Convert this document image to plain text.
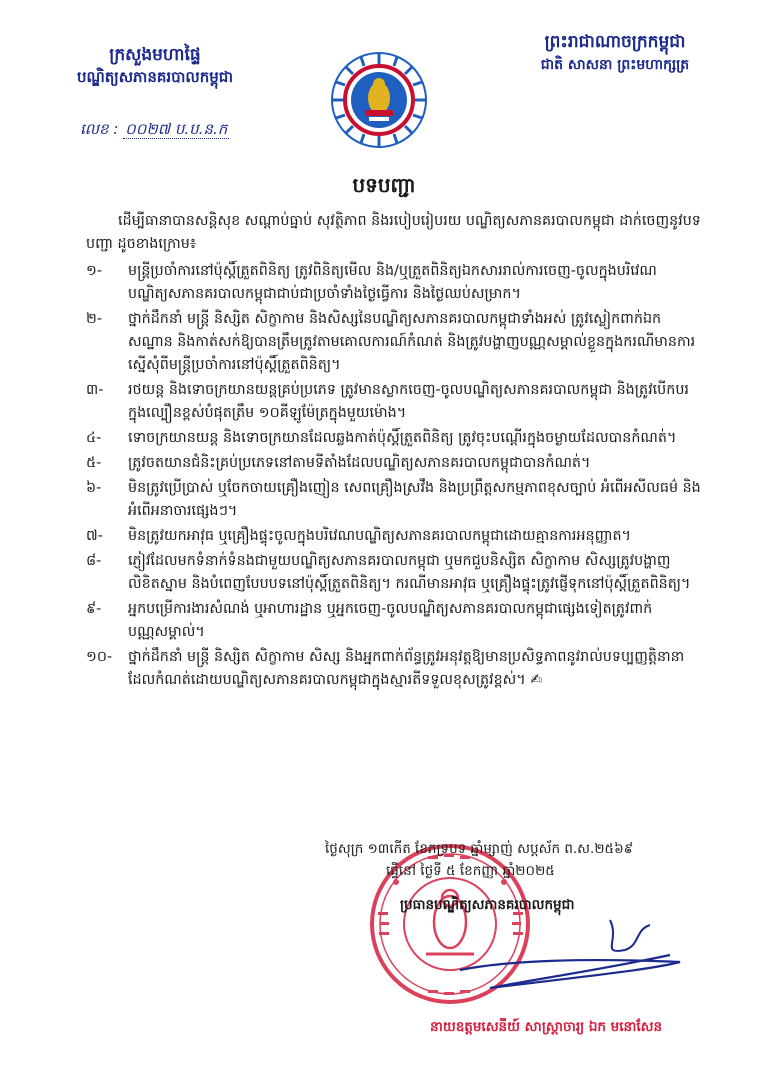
ក្រសួងមហាផ្ទៃ
បណ្ឌិត្យសភានគរបាលកម្ពុជា
លេខ : ០០២៧ ប.ប.ន.ក
ព្រះរាជាណាចក្រកម្ពុជា
ជាតិ សាសនា ព្រះមហាក្សត្រ
បទបញ្ជា

ដើម្បីធានាបានសន្តិសុខ សណ្តាប់ធ្នាប់ សុវត្ថិភាព និងរបៀបរៀបរយ បណ្ឌិត្យសភានគរបាលកម្ពុជា ដាក់ចេញនូវបទបញ្ជា ដូចខាងក្រោម៖

១- មន្ត្រីប្រចាំការនៅប៉ុស្តិ៍ត្រួតពិនិត្យ ត្រូវពិនិត្យមើល និង/ឬត្រួតពិនិត្យឯកសាររាល់ការចេញ-ចូលក្នុងបរិវេណបណ្ឌិត្យសភានគរបាលកម្ពុជាជាប់ជាប្រចាំទាំងថ្ងៃធ្វើការ និងថ្ងៃឈប់សម្រាក។
២- ថ្នាក់ដឹកនាំ មន្ត្រី និស្សិត សិក្ខាកាម និងសិស្សនៃបណ្ឌិត្យសភានគរបាលកម្ពុជាទាំងអស់ ត្រូវស្លៀកពាក់ឯកសណ្ឋាន និងកាត់សក់ឱ្យបានត្រឹមត្រូវតាមគោលការណ៍កំណត់ និងត្រូវបង្ហាញបណ្ណសម្គាល់ខ្លួនក្នុងករណីមានការស្នើសុំពីមន្ត្រីប្រចាំការនៅប៉ុស្តិ៍ត្រួតពិនិត្យ។
៣- រថយន្ត និងទោចក្រយានយន្តគ្រប់ប្រភេទ ត្រូវមានស្លាកចេញ-ចូលបណ្ឌិត្យសភានគរបាលកម្ពុជា និងត្រូវបើកបរក្នុងល្បឿនខ្ពស់បំផុតត្រឹម ១០គីឡូម៉ែត្រក្នុងមួយម៉ោង។
៤- ទោចក្រយានយន្ត និងទោចក្រយានដែលឆ្លងកាត់ប៉ុស្តិ៍ត្រួតពិនិត្យ ត្រូវចុះបណ្តើរក្នុងចម្ងាយដែលបានកំណត់។
៥- ត្រូវចតយានជំនិះគ្រប់ប្រភេទនៅតាមទីតាំងដែលបណ្ឌិត្យសភានគរបាលកម្ពុជាបានកំណត់។
៦- មិនត្រូវប្រើប្រាស់ ឬចែកចាយគ្រឿងញៀន សេពគ្រឿងស្រវឹង និងប្រព្រឹត្តសកម្មភាពខុសច្បាប់ អំពើអសីលធម៌ និងអំពើអនាចារផ្សេងៗ។
៧- មិនត្រូវយកអាវុធ ឬគ្រឿងផ្ទុះចូលក្នុងបរិវេណបណ្ឌិត្យសភានគរបាលកម្ពុជាដោយគ្មានការអនុញ្ញាត។
៨- ភ្ញៀវដែលមកទំនាក់ទំនងជាមួយបណ្ឌិត្យសភានគរបាលកម្ពុជា ឬមកជួបនិស្សិត សិក្ខាកាម សិស្សត្រូវបង្ហាញលិខិតស្នាម និងបំពេញបែបបទនៅប៉ុស្តិ៍ត្រួតពិនិត្យ។ ករណីមានអាវុធ ឬគ្រឿងផ្ទុះត្រូវផ្ញើទុកនៅប៉ុស្តិ៍ត្រួតពិនិត្យ។
៩- អ្នកបម្រើការងារសំណង់ ឬអាហារដ្ឋាន ឬអ្នកចេញ-ចូលបណ្ឌិត្យសភានគរបាលកម្ពុជាផ្សេងទៀតត្រូវពាក់បណ្ណសម្គាល់។
១០- ថ្នាក់ដឹកនាំ មន្ត្រី និស្សិត សិក្ខាកាម សិស្ស និងអ្នកពាក់ព័ន្ធត្រូវអនុវត្តឱ្យមានប្រសិទ្ធភាពនូវរាល់បទប្បញ្ញត្តិនានាដែលកំណត់ដោយបណ្ឌិត្យសភានគរបាលកម្ពុជាក្នុងស្មារតីទទួលខុសត្រូវខ្ពស់។ ✍
ថ្ងៃសុក្រ ១៣កើត ខែភទ្របទ ឆ្នាំម្សាញ់ សប្តស័ក ព.ស.២៥៦៩
ធ្វើនៅ ថ្ងៃទី ៥ ខែកញ្ញា ឆ្នាំ២០២៥
ប្រធានបណ្ឌិត្យសភានគរបាលកម្ពុជា
នាយឧត្តមសេនីយ៍ សាស្ត្រាចារ្យ ឯក មនោសែន
